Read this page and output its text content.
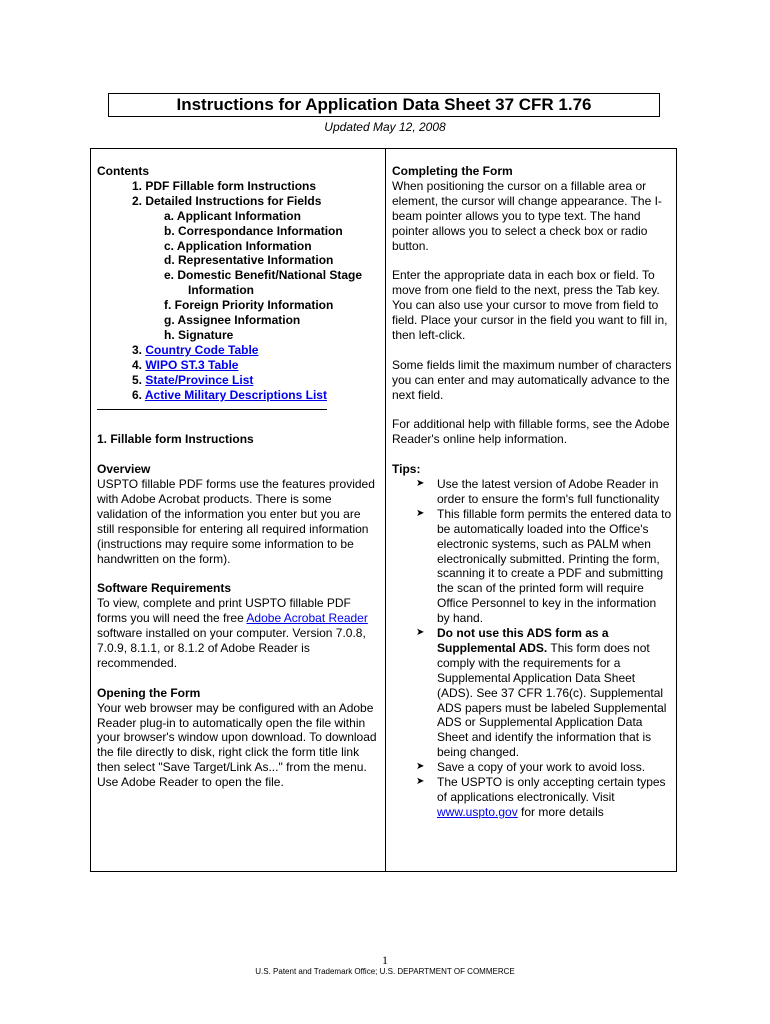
Instructions for Application Data Sheet 37 CFR 1.76
Updated May 12, 2008

Contents

1. PDF Fillable form Instructions

2. Detailed Instructions for Fields

a. Applicant Information

b. Correspondance Information

c. Application Information

d. Representative Information

e. Domestic Benefit/National Stage

Information

f. Foreign Priority Information

g. Assignee Information

h. Signature

3. Country Code Table

4. WIPO ST.3 Table

5. State/Province List

6. Active Military Descriptions List

1. Fillable form Instructions

Overview

USPTO fillable PDF forms use the features provided with Adobe Acrobat products. There is some validation of the information you enter but you are still responsible for entering all required information (instructions may require some information to be handwritten on the form).

Software Requirements

To view, complete and print USPTO fillable PDF forms you will need the free Adobe Acrobat Reader software installed on your computer. Version 7.0.8, 7.0.9, 8.1.1, or 8.1.2 of Adobe Reader is recommended.

Opening the Form

Your web browser may be configured with an Adobe Reader plug-in to automatically open the file within your browser's window upon download. To download the file directly to disk, right click the form title link then select "Save Target/Link As..." from the menu. Use Adobe Reader to open the file.

Completing the Form

When positioning the cursor on a fillable area or element, the cursor will change appearance. The I-beam pointer allows you to type text. The hand pointer allows you to select a check box or radio button.

Enter the appropriate data in each box or field. To move from one field to the next, press the Tab key. You can also use your cursor to move from field to field. Place your cursor in the field you want to fill in, then left-click.

Some fields limit the maximum number of characters you can enter and may automatically advance to the next field.

For additional help with fillable forms, see the Adobe Reader's online help information.

Tips:

➤ Use the latest version of Adobe Reader in order to ensure the form's full functionality
➤ This fillable form permits the entered data to be automatically loaded into the Office's electronic systems, such as PALM when electronically submitted. Printing the form, scanning it to create a PDF and submitting the scan of the printed form will require Office Personnel to key in the information by hand.
➤ Do not use this ADS form as a Supplemental ADS. This form does not comply with the requirements for a Supplemental Application Data Sheet (ADS). See 37 CFR 1.76(c). Supplemental ADS papers must be labeled Supplemental ADS or Supplemental Application Data Sheet and identify the information that is being changed.
➤ Save a copy of your work to avoid loss.
➤ The USPTO is only accepting certain types of applications electronically. Visit www.uspto.gov for more details
1
U.S. Patent and Trademark Office; U.S. DEPARTMENT OF COMMERCE
